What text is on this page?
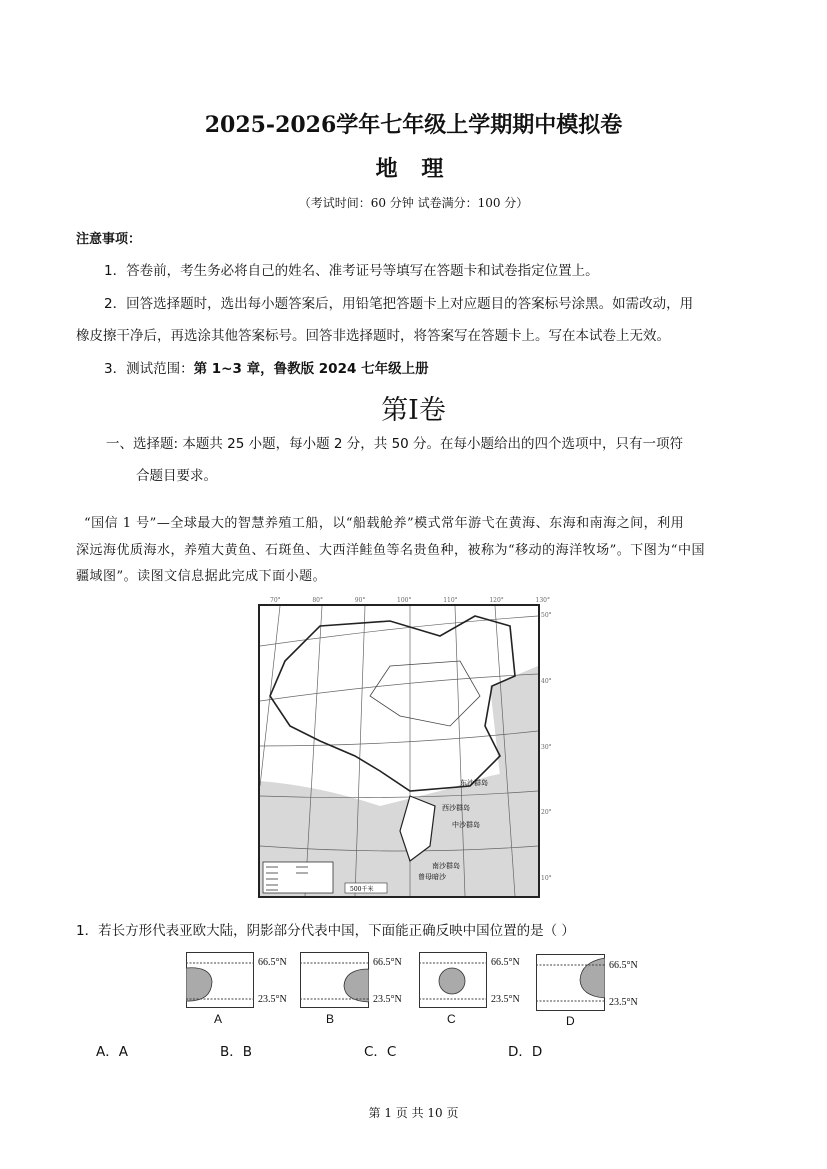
2025-2026学年七年级上学期期中模拟卷
地 理
（考试时间：60 分钟 试卷满分：100 分）
注意事项：
1．答卷前，考生务必将自己的姓名、准考证号等填写在答题卡和试卷指定位置上。
2．回答选择题时，选出每小题答案后，用铅笔把答题卡上对应题目的答案标号涂黑。如需改动，用
橡皮擦干净后，再选涂其他答案标号。回答非选择题时，将答案写在答题卡上。写在本试卷上无效。
3．测试范围：第 1~3 章，鲁教版 2024 七年级上册
第I卷
一、选择题: 本题共 25 小题，每小题 2 分，共 50 分。在每小题给出的四个选项中，只有一项符
合题目要求。
“国信 1 号”—全球最大的智慧养殖工船，以“船载舱养”模式常年游弋在黄海、东海和南海之间，利用
深远海优质海水，养殖大黄鱼、石斑鱼、大西洋鲑鱼等名贵鱼种，被称为“移动的海洋牧场”。下图为“中国
疆域图”。读图文信息据此完成下面小题。
东沙群岛
西沙群岛
中沙群岛
南沙群岛
曾母暗沙
500千米
70°	80°	90°	100°	110°	120°	130°
50°
40°
30°
20°
10°
1．若长方形代表亚欧大陆，阴影部分代表中国，下面能正确反映中国位置的是（ ）
66.5°N
23.5°N
A
66.5°N
23.5°N
B
66.5°N
23.5°N
C
66.5°N
23.5°N
D
A．A	B．B	C．C	D．D
第 1 页 共 10 页
